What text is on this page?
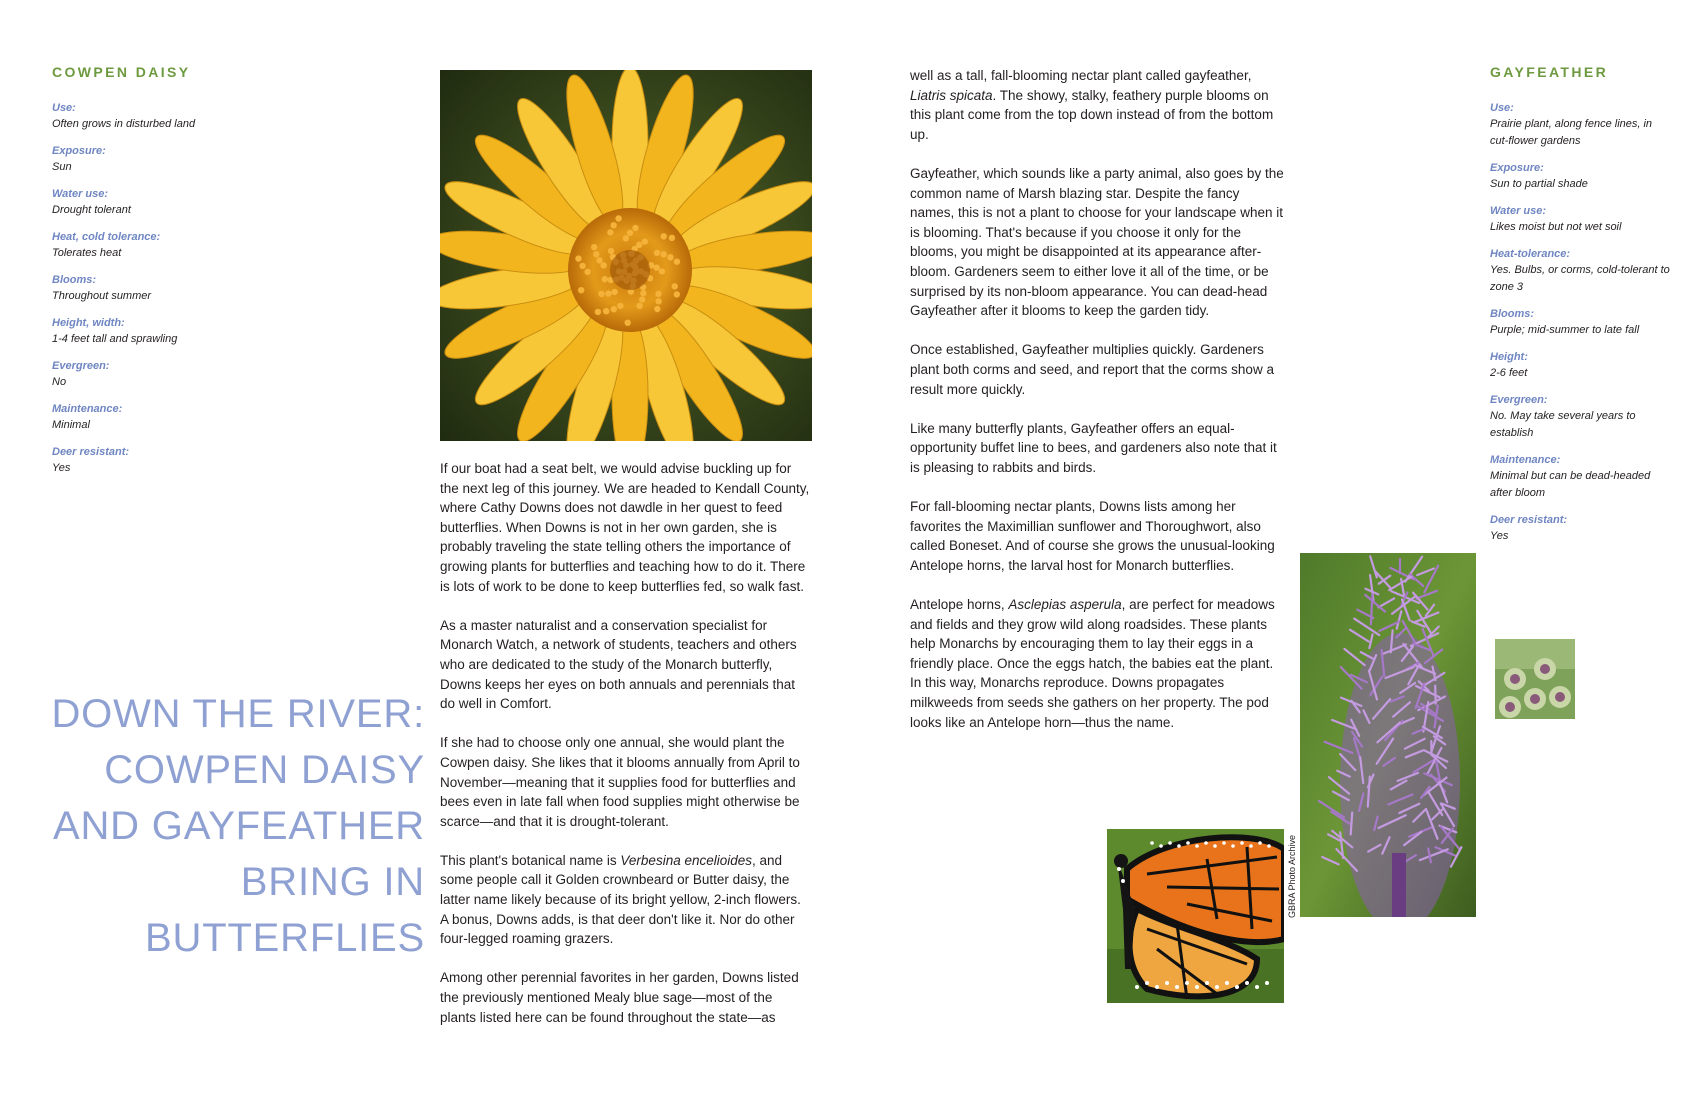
COWPEN DAISY
Use:
Often grows in disturbed land
Exposure:
Sun
Water use:
Drought tolerant
Heat, cold tolerance:
Tolerates heat
Blooms:
Throughout summer
Height, width:
1-4 feet tall and sprawling
Evergreen:
No
Maintenance:
Minimal
Deer resistant:
Yes
DOWN THE RIVER:
COWPEN DAISY
AND GAYFEATHER
BRING IN
BUTTERFLIES

If our boat had a seat belt, we would advise buckling up for the next leg of this journey. We are headed to Kendall County, where Cathy Downs does not dawdle in her quest to feed butterflies. When Downs is not in her own garden, she is probably traveling the state telling others the importance of growing plants for butterflies and teaching how to do it. There is lots of work to be done to keep butterflies fed, so walk fast.

As a master naturalist and a conservation specialist for Monarch Watch, a network of students, teachers and others who are dedicated to the study of the Monarch butterfly, Downs keeps her eyes on both annuals and perennials that do well in Comfort.

If she had to choose only one annual, she would plant the Cowpen daisy. She likes that it blooms annually from April to November—meaning that it supplies food for butterflies and bees even in late fall when food supplies might otherwise be scarce—and that it is drought-tolerant.

This plant's botanical name is Verbesina encelioides, and some people call it Golden crownbeard or Butter daisy, the latter name likely because of its bright yellow, 2-inch flowers. A bonus, Downs adds, is that deer don't like it. Nor do other four-legged roaming grazers.

Among other perennial favorites in her garden, Downs listed the previously mentioned Mealy blue sage—most of the plants listed here can be found throughout the state—as

well as a tall, fall-blooming nectar plant called gayfeather, Liatris spicata. The showy, stalky, feathery purple blooms on this plant come from the top down instead of from the bottom up.

Gayfeather, which sounds like a party animal, also goes by the common name of Marsh blazing star. Despite the fancy names, this is not a plant to choose for your landscape when it is blooming. That's because if you choose it only for the blooms, you might be disappointed at its appearance after-bloom. Gardeners seem to either love it all of the time, or be surprised by its non-bloom appearance. You can dead-head Gayfeather after it blooms to keep the garden tidy.

Once established, Gayfeather multiplies quickly. Gardeners plant both corms and seed, and report that the corms show a result more quickly.

Like many butterfly plants, Gayfeather offers an equal-opportunity buffet line to bees, and gardeners also note that it is pleasing to rabbits and birds.

For fall-blooming nectar plants, Downs lists among her favorites the Maximillian sunflower and Thoroughwort, also called Boneset. And of course she grows the unusual-looking Antelope horns, the larval host for Monarch butterflies.

Antelope horns, Asclepias asperula, are perfect for meadows and fields and they grow wild along roadsides. These plants help Monarchs by encouraging them to lay their eggs in a friendly place. Once the eggs hatch, the babies eat the plant. In this way, Monarchs reproduce. Downs propagates milkweeds from seeds she gathers on her property. The pod looks like an Antelope horn—thus the name.

GBRA Photo Archive
GAYFEATHER
Use:
Prairie plant, along fence lines, in cut-flower gardens
Exposure:
Sun to partial shade
Water use:
Likes moist but not wet soil
Heat-tolerance:
Yes. Bulbs, or corms, cold-tolerant to zone 3
Blooms:
Purple; mid-summer to late fall
Height:
2-6 feet
Evergreen:
No. May take several years to establish
Maintenance:
Minimal but can be dead-headed after bloom
Deer resistant:
Yes
